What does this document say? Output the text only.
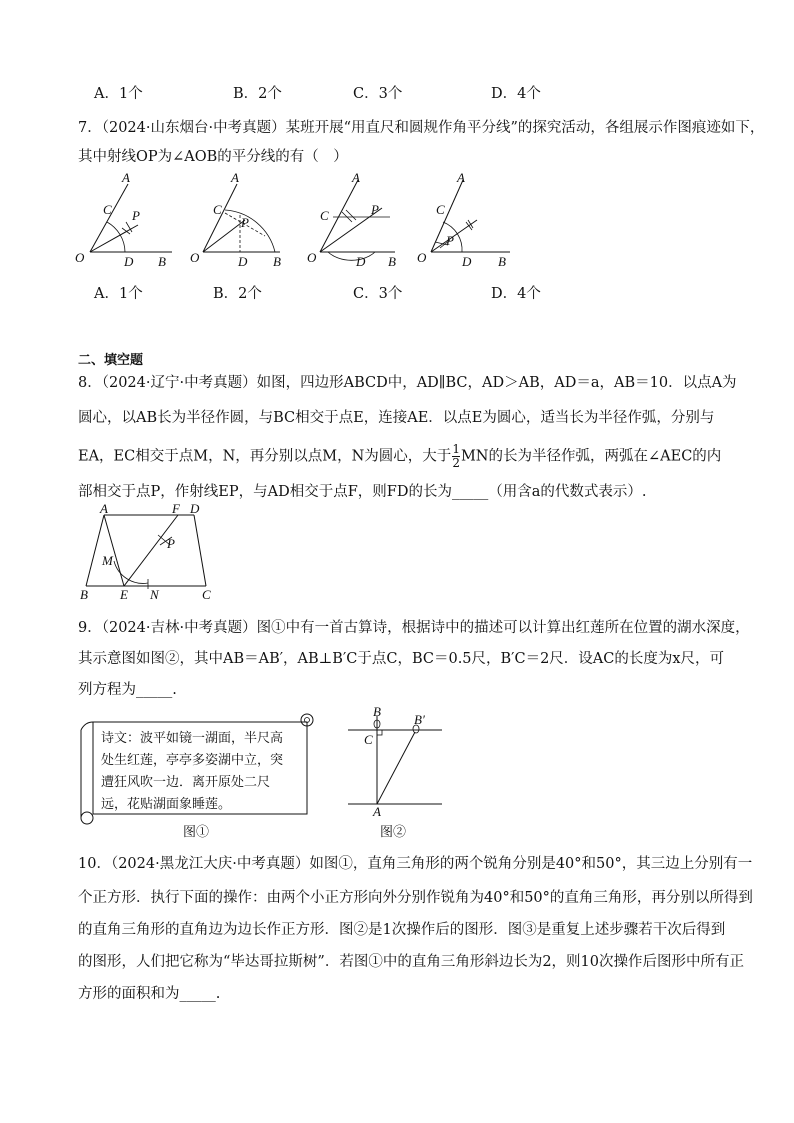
A．1个	B．2个	C．3个	D．4个
7．（2024·山东烟台·中考真题）某班开展“用直尺和圆规作角平分线”的探究活动，各组展示作图痕迹如下，
其中射线OP为∠AOB的平分线的有（　）
A
C P
O	D B
A
C
P
O	D B
A
C	P
O	D B
A
C
P
O	D B
A．1个	B．2个	C．3个	D．4个
二、填空题
8．（2024·辽宁·中考真题）如图，四边形ABCD中，AD∥BC，AD＞AB，AD＝a，AB＝10．以点A为
圆心，以AB长为半径作圆，与BC相交于点E，连接AE．以点E为圆心，适当长为半径作弧，分别与
EA，EC相交于点M，N，再分别以点M，N为圆心，大于 $\frac{1}{2}$ MN的长为半径作弧，两弧在∠AEC的内
部相交于点P，作射线EP，与AD相交于点F，则FD的长为_____（用含a的代数式表示）.
A	F D
P
M
B E N	C
9．（2024·吉林·中考真题）图①中有一首古算诗，根据诗中的描述可以计算出红莲所在位置的湖水深度，
其示意图如图②，其中AB＝AB′，AB⊥B′C于点C，BC＝0.5尺，B′C＝2尺．设AC的长度为x尺，可
列方程为_____.
诗文：波平如镜一湖面，半尺高
处生红莲，亭亭多姿湖中立，突
遭狂风吹一边．离开原处二尺
远，花贴湖面象睡莲。
图①
B
B′
C
A
图②
10．（2024·黑龙江大庆·中考真题）如图①，直角三角形的两个锐角分别是40°和50°，其三边上分别有一
个正方形．执行下面的操作：由两个小正方形向外分别作锐角为40°和50°的直角三角形，再分别以所得到
的直角三角形的直角边为边长作正方形．图②是1次操作后的图形．图③是重复上述步骤若干次后得到
的图形，人们把它称为“毕达哥拉斯树”．若图①中的直角三角形斜边长为2，则10次操作后图形中所有正
方形的面积和为_____.
